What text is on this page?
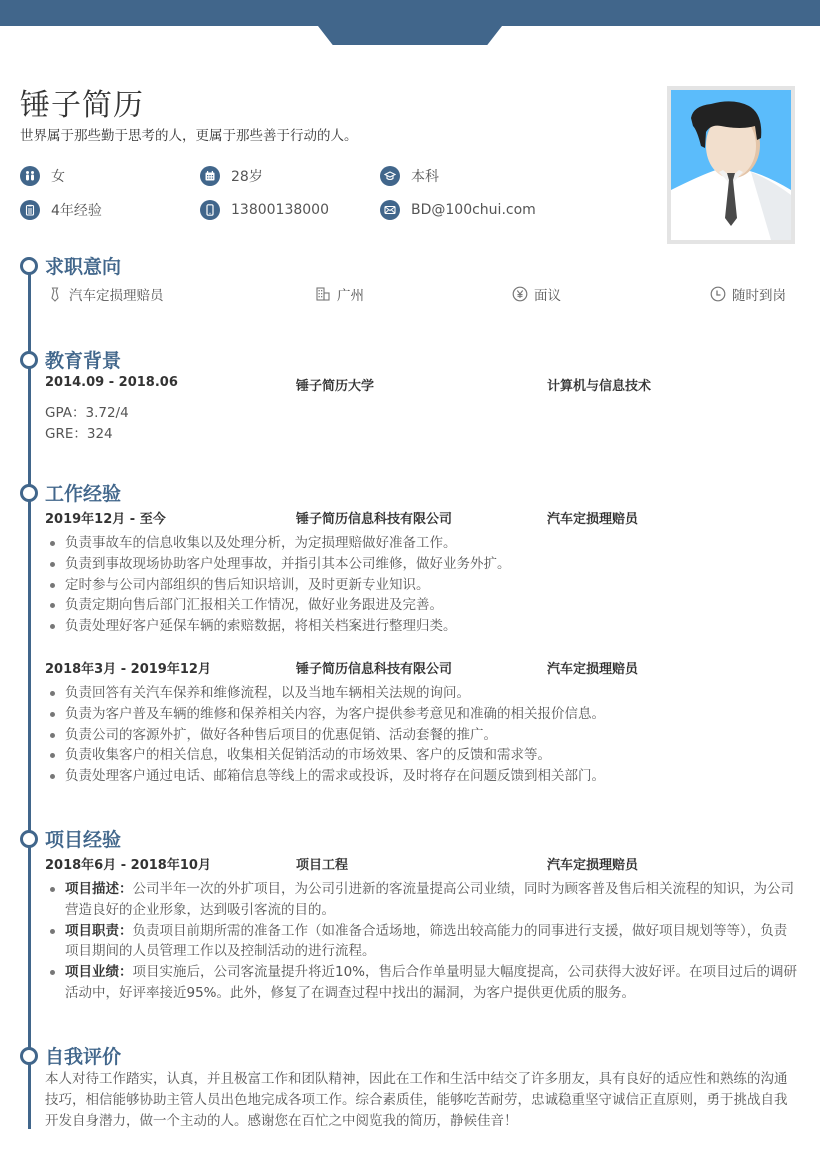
锤子简历
世界属于那些勤于思考的人，更属于那些善于行动的人。
女	28岁	本科
4年经验	13800138000	BD@100chui.com
求职意向
汽车定损理赔员	广州	面议	随时到岗
教育背景
2014.09 - 2018.06	锤子简历大学	计算机与信息技术
GPA：3.72/4
GRE：324
工作经验
2019年12月 - 至今	锤子简历信息科技有限公司	汽车定损理赔员
负责事故车的信息收集以及处理分析，为定损理赔做好准备工作。
负责到事故现场协助客户处理事故，并指引其本公司维修，做好业务外扩。
定时参与公司内部组织的售后知识培训，及时更新专业知识。
负责定期向售后部门汇报相关工作情况，做好业务跟进及完善。
负责处理好客户延保车辆的索赔数据，将相关档案进行整理归类。
2018年3月 - 2019年12月	锤子简历信息科技有限公司	汽车定损理赔员
负责回答有关汽车保养和维修流程，以及当地车辆相关法规的询问。
负责为客户普及车辆的维修和保养相关内容，为客户提供参考意见和准确的相关报价信息。
负责公司的客源外扩，做好各种售后项目的优惠促销、活动套餐的推广。
负责收集客户的相关信息，收集相关促销活动的市场效果、客户的反馈和需求等。
负责处理客户通过电话、邮箱信息等线上的需求或投诉，及时将存在问题反馈到相关部门。
项目经验
2018年6月 - 2018年10月	项目工程	汽车定损理赔员
项目描述：公司半年一次的外扩项目，为公司引进新的客流量提高公司业绩，同时为顾客普及售后相关流程的知识，为公司营造良好的企业形象，达到吸引客流的目的。
项目职责：负责项目前期所需的准备工作（如准备合适场地，筛选出较高能力的同事进行支援，做好项目规划等等），负责项目期间的人员管理工作以及控制活动的进行流程。
项目业绩：项目实施后，公司客流量提升将近10%，售后合作单量明显大幅度提高，公司获得大波好评。在项目过后的调研活动中，好评率接近95%。此外，修复了在调查过程中找出的漏洞，为客户提供更优质的服务。
自我评价
本人对待工作踏实，认真，并且极富工作和团队精神，因此在工作和生活中结交了许多朋友，具有良好的适应性和熟练的沟通技巧，相信能够协助主管人员出色地完成各项工作。综合素质佳，能够吃苦耐劳，忠诚稳重坚守诚信正直原则，勇于挑战自我开发自身潜力，做一个主动的人。感谢您在百忙之中阅览我的简历，静候佳音！
